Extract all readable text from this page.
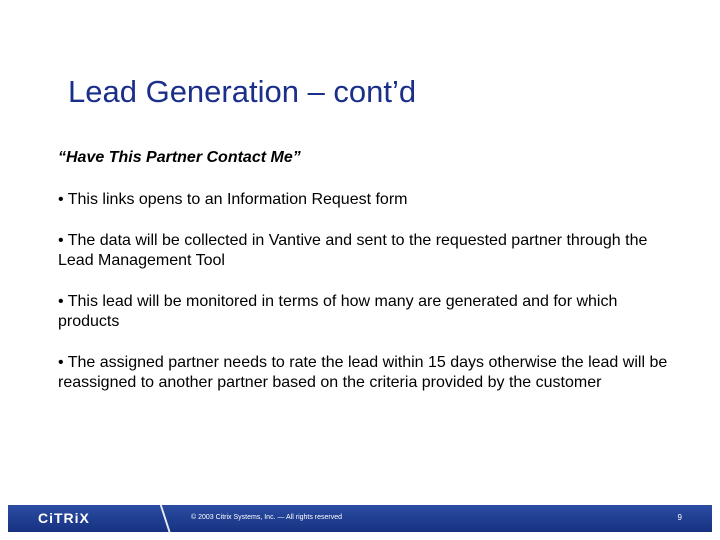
Lead Generation – cont’d

“Have This Partner Contact Me”

• This links opens to an Information Request form

• The data will be collected in Vantive and sent to the requested partner through the Lead Management Tool

• This lead will be monitored in terms of how many are generated and for which products

• The assigned partner needs to rate the lead within 15 days otherwise the lead will be reassigned to another partner based on the criteria provided by the customer

CiTRiX	© 2003 Citrix Systems, Inc. — All rights reserved	9
